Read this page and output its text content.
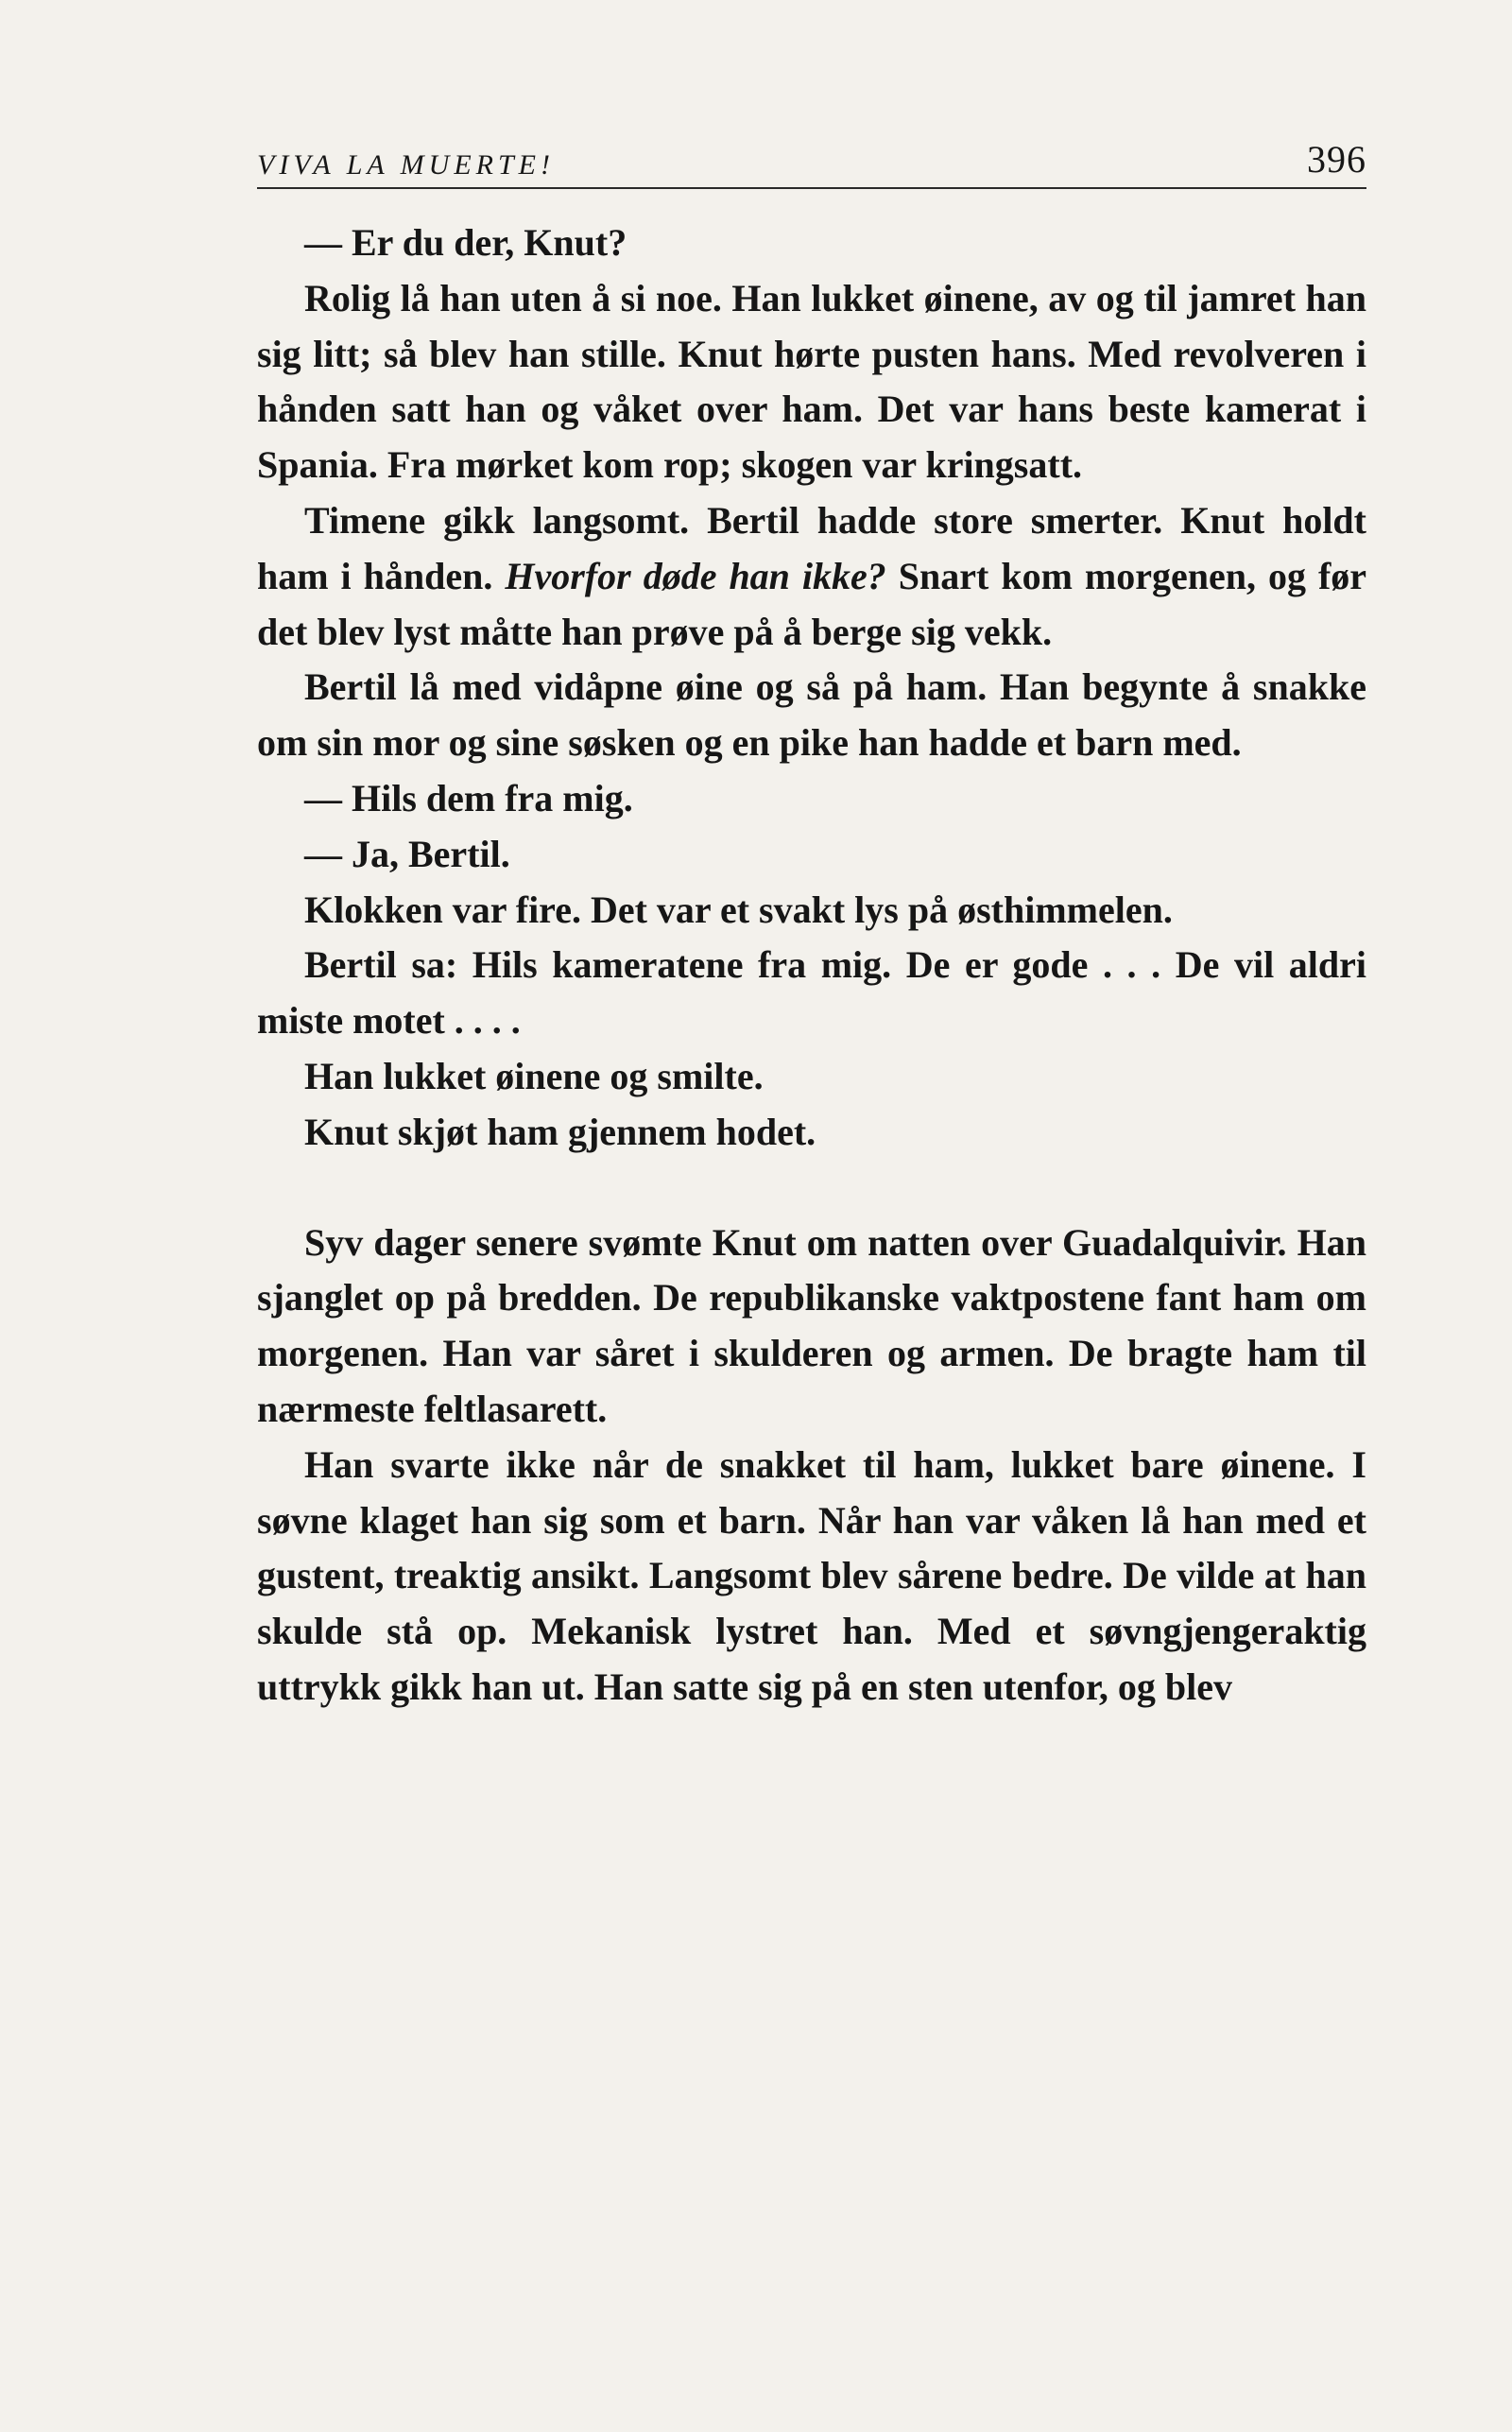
VIVA LA MUERTE!	396

— Er du der, Knut?

Rolig lå han uten å si noe. Han lukket øinene, av og til jamret han sig litt; så blev han stille. Knut hørte pusten hans. Med revolveren i hånden satt han og våket over ham. Det var hans beste kamerat i Spania. Fra mørket kom rop; skogen var kringsatt.

Timene gikk langsomt. Bertil hadde store smerter. Knut holdt ham i hånden. Hvorfor døde han ikke? Snart kom morgenen, og før det blev lyst måtte han prøve på å berge sig vekk.

Bertil lå med vidåpne øine og så på ham. Han begynte å snakke om sin mor og sine søsken og en pike han hadde et barn med.

— Hils dem fra mig.

— Ja, Bertil.

Klokken var fire. Det var et svakt lys på østhimmelen.

Bertil sa: Hils kameratene fra mig. De er gode . . . De vil aldri miste motet . . . .

Han lukket øinene og smilte.

Knut skjøt ham gjennem hodet.

Syv dager senere svømte Knut om natten over Guadalquivir. Han sjanglet op på bredden. De republikanske vaktpostene fant ham om morgenen. Han var såret i skulderen og armen. De bragte ham til nærmeste feltlasarett.

Han svarte ikke når de snakket til ham, lukket bare øinene. I søvne klaget han sig som et barn. Når han var våken lå han med et gustent, treaktig ansikt. Langsomt blev sårene bedre. De vilde at han skulde stå op. Mekanisk lystret han. Med et søvngjengeraktig uttrykk gikk han ut. Han satte sig på en sten utenfor, og blev
